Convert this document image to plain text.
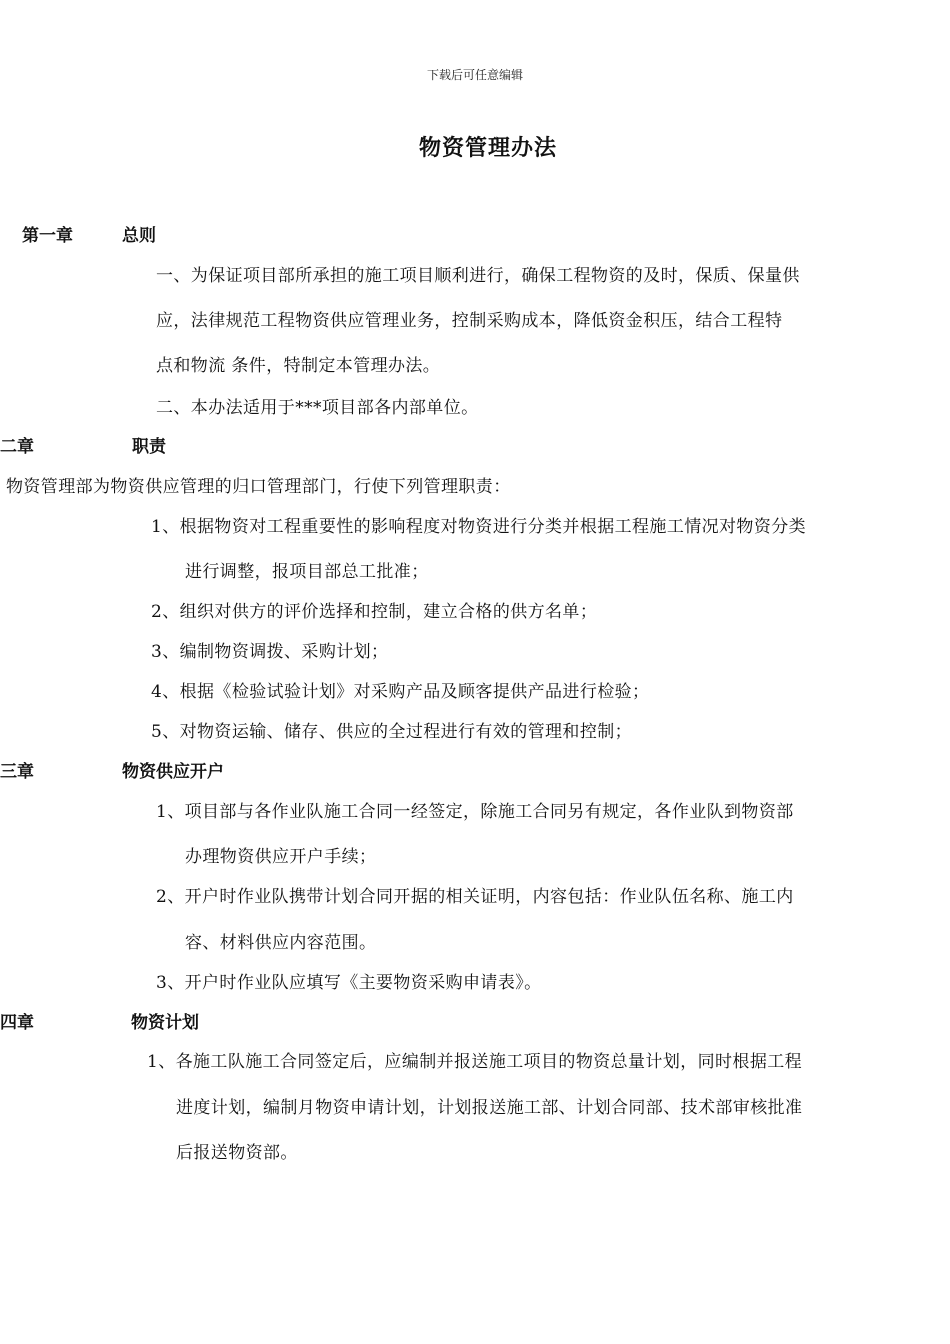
下载后可任意编辑
物资管理办法
第一章	总则

一、为保证项目部所承担的施工项目顺利进行，确保工程物资的及时，保质、保量供

应，法律规范工程物资供应管理业务，控制采购成本，降低资金积压，结合工程特

点和物流 条件，特制定本管理办法。

二、本办法适用于***项目部各内部单位。

二章	职责

物资管理部为物资供应管理的归口管理部门，行使下列管理职责：

1、根据物资对工程重要性的影响程度对物资进行分类并根据工程施工情况对物资分类

进行调整，报项目部总工批准；

2、组织对供方的评价选择和控制，建立合格的供方名单；

3、编制物资调拨、采购计划；

4、根据《检验试验计划》对采购产品及顾客提供产品进行检验；

5、对物资运输、储存、供应的全过程进行有效的管理和控制；

三章	物资供应开户

1、项目部与各作业队施工合同一经签定，除施工合同另有规定，各作业队到物资部

办理物资供应开户手续；

2、开户时作业队携带计划合同开据的相关证明，内容包括：作业队伍名称、施工内

容、材料供应内容范围。

3、开户时作业队应填写《主要物资采购申请表》。

四章	物资计划

1、各施工队施工合同签定后，应编制并报送施工项目的物资总量计划，同时根据工程

进度计划，编制月物资申请计划，计划报送施工部、计划合同部、技术部审核批准

后报送物资部。
